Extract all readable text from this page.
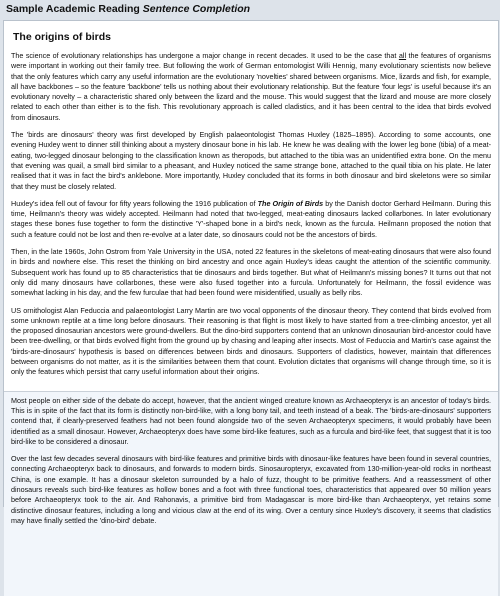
Sample Academic Reading Sentence Completion
The origins of birds

The science of evolutionary relationships has undergone a major change in recent decades. It used to be the case that all the features of organisms were important in working out their family tree. But following the work of German entomologist Willi Hennig, many evolutionary scientists now believe that the only features which carry any useful information are the evolutionary 'novelties' shared between organisms. Mice, lizards and fish, for example, all have backbones – so the feature 'backbone' tells us nothing about their evolutionary relationship. But the feature 'four legs' is useful because it's an evolutionary novelty – a characteristic shared only between the lizard and the mouse. This would suggest that the lizard and mouse are more closely related to each other than either is to the fish. This revolutionary approach is called cladistics, and it has been central to the idea that birds evolved from dinosaurs.

The 'birds are dinosaurs' theory was first developed by English palaeontologist Thomas Huxley (1825–1895). According to some accounts, one evening Huxley went to dinner still thinking about a mystery dinosaur bone in his lab. He knew he was dealing with the lower leg bone (tibia) of a meat-eating, two-legged dinosaur belonging to the classification known as theropods, but attached to the tibia was an unidentified extra bone. On the menu that evening was quail, a small bird similar to a pheasant, and Huxley noticed the same strange bone, attached to the quail tibia on his plate. He later realised that it was in fact the bird's anklebone. More importantly, Huxley concluded that its forms in both dinosaur and bird skeletons were so similar that they must be closely related.

Huxley's idea fell out of favour for fifty years following the 1916 publication of The Origin of Birds by the Danish doctor Gerhard Heilmann. During this time, Heilmann's theory was widely accepted. Heilmann had noted that two-legged, meat-eating dinosaurs lacked collarbones. In later evolutionary stages these bones fuse together to form the distinctive 'Y'-shaped bone in a bird's neck, known as the furcula. Heilmann proposed the notion that such a feature could not be lost and then re-evolve at a later date, so dinosaurs could not be the ancestors of birds.

Then, in the late 1960s, John Ostrom from Yale University in the USA, noted 22 features in the skeletons of meat-eating dinosaurs that were also found in birds and nowhere else. This reset the thinking on bird ancestry and once again Huxley's ideas caught the attention of the scientific community. Subsequent work has found up to 85 characteristics that tie dinosaurs and birds together. But what of Heilmann's missing bones? It turns out that not only did many dinosaurs have collarbones, these were also fused together into a furcula. Unfortunately for Heilmann, the fossil evidence was somewhat lacking in his day, and the few furculae that had been found were misidentified, usually as belly ribs.

US ornithologist Alan Feduccia and palaeontologist Larry Martin are two vocal opponents of the dinosaur theory. They contend that birds evolved from some unknown reptile at a time long before dinosaurs. Their reasoning is that flight is most likely to have started from a tree-climbing ancestor, yet all the proposed dinosaurian ancestors were ground-dwellers. But the dino-bird supporters contend that an unknown dinosaurian bird-ancestor could have been tree-dwelling, or that birds evolved flight from the ground up by chasing and leaping after insects. Most of Feduccia and Martin's case against the 'birds-are-dinosaurs' hypothesis is based on differences between birds and dinosaurs. Supporters of cladistics, however, maintain that differences between organisms do not matter, as it is the similarities between them that count. Evolution dictates that organisms will change through time, so it is only the features which persist that carry useful information about their origins.

Most people on either side of the debate do accept, however, that the ancient winged creature known as Archaeopteryx is an ancestor of today's birds. This is in spite of the fact that its form is distinctly non-bird-like, with a long bony tail, and teeth instead of a beak. The 'birds-are-dinosaurs' supporters contend that, if clearly-preserved feathers had not been found alongside two of the seven Archaeopteryx specimens, it would probably have been identified as a small dinosaur. However, Archaeopteryx does have some bird-like features, such as a furcula and bird-like feet, that suggest that it is too bird-like to be considered a dinosaur.

Over the last few decades several dinosaurs with bird-like features and primitive birds with dinosaur-like features have been found in several countries, connecting Archaeopteryx back to dinosaurs, and forwards to modern birds. Sinosauropteryx, excavated from 130-million-year-old rocks in northeast China, is one example. It has a dinosaur skeleton surrounded by a halo of fuzz, thought to be primitive feathers. And a reassessment of other dinosaurs reveals such bird-like features as hollow bones and a foot with three functional toes, characteristics that appeared over 50 million years before Archaeopteryx took to the air. And Rahonavis, a primitive bird from Madagascar is more bird-like than Archaeopteryx, yet retains some distinctive dinosaur features, including a long and vicious claw at the end of its wing. Over a century since Huxley's discovery, it seems that cladistics may have finally settled the 'dino-bird' debate.
